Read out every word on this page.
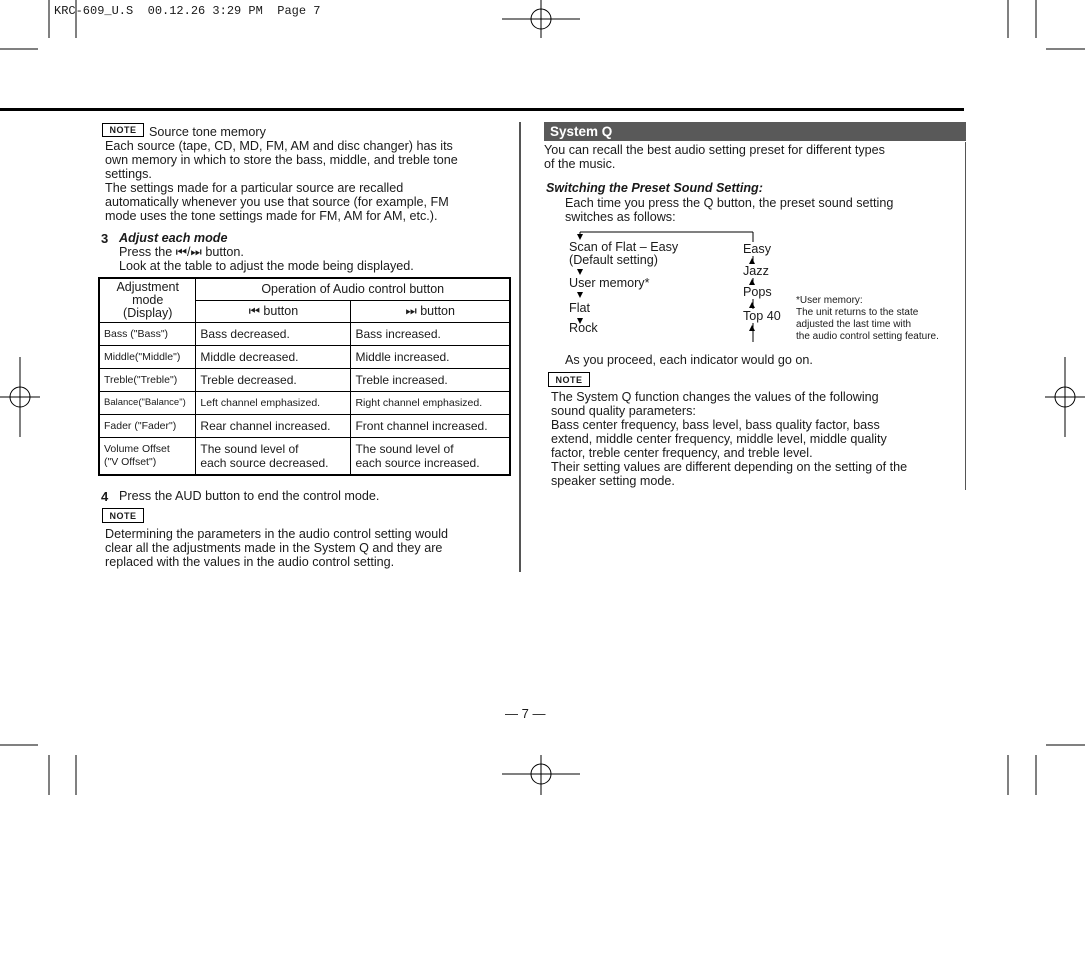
KRC-609_U.S  00.12.26 3:29 PM  Page 7
NOTE Source tone memory
Each source (tape, CD, MD, FM, AM and disc changer) has its
own memory in which to store the bass, middle, and treble tone
settings.
The settings made for a particular source are recalled
automatically whenever you use that source (for example, FM
mode uses the tone settings made for FM, AM for AM, etc.).
3 Adjust each mode
Press the ⏮/⏭ button.
Look at the table to adjust the mode being displayed.
Adjustment
mode
(Display)	Operation of Audio control button	
	⏮ button	⏭ button
Bass ("Bass")	Bass decreased.	Bass increased.
Middle("Middle")	Middle decreased.	Middle increased.
Treble("Treble")	Treble decreased.	Treble increased.
Balance("Balance")	Left channel emphasized.	Right channel emphasized.
Fader ("Fader")	Rear channel increased.	Front channel increased.
Volume Offset
("V Offset")	The sound level of
each source decreased.	The sound level of
each source increased.
4 Press the AUD button to end the control mode.
NOTE
Determining the parameters in the audio control setting would
clear all the adjustments made in the System Q and they are
replaced with the values in the audio control setting.
System Q
You can recall the best audio setting preset for different types
of the music.
Switching the Preset Sound Setting:
Each time you press the Q button, the preset sound setting
switches as follows:
Scan of Flat – Easy
(Default setting)
User memory*
Flat
Rock
Easy
Jazz
Pops
Top 40
*User memory:
The unit returns to the state
adjusted the last time with
the audio control setting feature.
As you proceed, each indicator would go on.
NOTE
The System Q function changes the values of the following
sound quality parameters:
Bass center frequency, bass level, bass quality factor, bass
extend, middle center frequency, middle level, middle quality
factor, treble center frequency, and treble level.
Their setting values are different depending on the setting of the
speaker setting mode.
— 7 —
